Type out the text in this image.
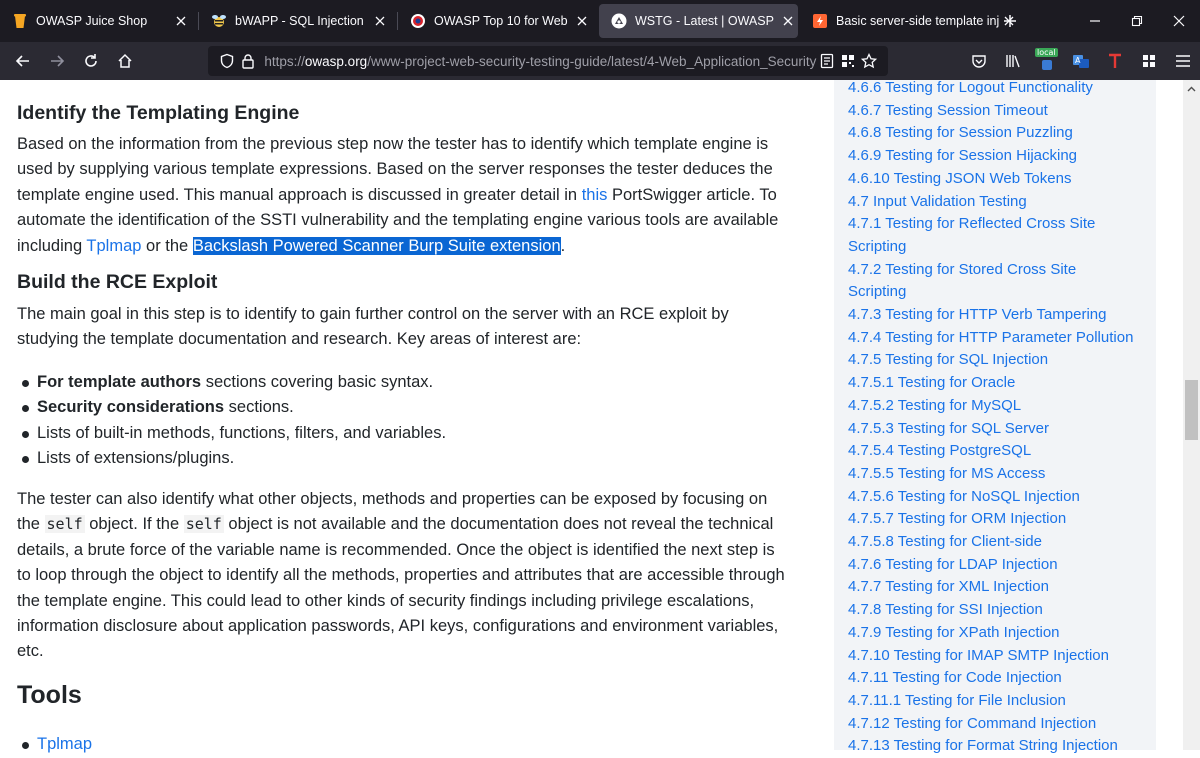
OWASP Juice Shop	bWAPP - SQL Injection	OWASP Top 10 for Web	WSTG - Latest | OWASP	Basic server-side template inj
https://owasp.org/www-project-web-security-testing-guide/latest/4-Web_Application_Security
local
A
Identify the Templating Engine
Based on the information from the previous step now the tester has to identify which template engine is
used by supplying various template expressions. Based on the server responses the tester deduces the
template engine used. This manual approach is discussed in greater detail in this PortSwigger article. To
automate the identification of the SSTI vulnerability and the templating engine various tools are available
including Tplmap or the Backslash Powered Scanner Burp Suite extension.
Build the RCE Exploit
The main goal in this step is to identify to gain further control on the server with an RCE exploit by
studying the template documentation and research. Key areas of interest are:
For template authors sections covering basic syntax.
Security considerations sections.
Lists of built-in methods, functions, filters, and variables.
Lists of extensions/plugins.
The tester can also identify what other objects, methods and properties can be exposed by focusing on
the self object. If the self object is not available and the documentation does not reveal the technical
details, a brute force of the variable name is recommended. Once the object is identified the next step is
to loop through the object to identify all the methods, properties and attributes that are accessible through
the template engine. This could lead to other kinds of security findings including privilege escalations,
information disclosure about application passwords, API keys, configurations and environment variables,
etc.
Tools
Tplmap
4.6.6 Testing for Logout Functionality
4.6.7 Testing Session Timeout
4.6.8 Testing for Session Puzzling
4.6.9 Testing for Session Hijacking
4.6.10 Testing JSON Web Tokens
4.7 Input Validation Testing
4.7.1 Testing for Reflected Cross Site
Scripting
4.7.2 Testing for Stored Cross Site
Scripting
4.7.3 Testing for HTTP Verb Tampering
4.7.4 Testing for HTTP Parameter Pollution
4.7.5 Testing for SQL Injection
4.7.5.1 Testing for Oracle
4.7.5.2 Testing for MySQL
4.7.5.3 Testing for SQL Server
4.7.5.4 Testing PostgreSQL
4.7.5.5 Testing for MS Access
4.7.5.6 Testing for NoSQL Injection
4.7.5.7 Testing for ORM Injection
4.7.5.8 Testing for Client-side
4.7.6 Testing for LDAP Injection
4.7.7 Testing for XML Injection
4.7.8 Testing for SSI Injection
4.7.9 Testing for XPath Injection
4.7.10 Testing for IMAP SMTP Injection
4.7.11 Testing for Code Injection
4.7.11.1 Testing for File Inclusion
4.7.12 Testing for Command Injection
4.7.13 Testing for Format String Injection
